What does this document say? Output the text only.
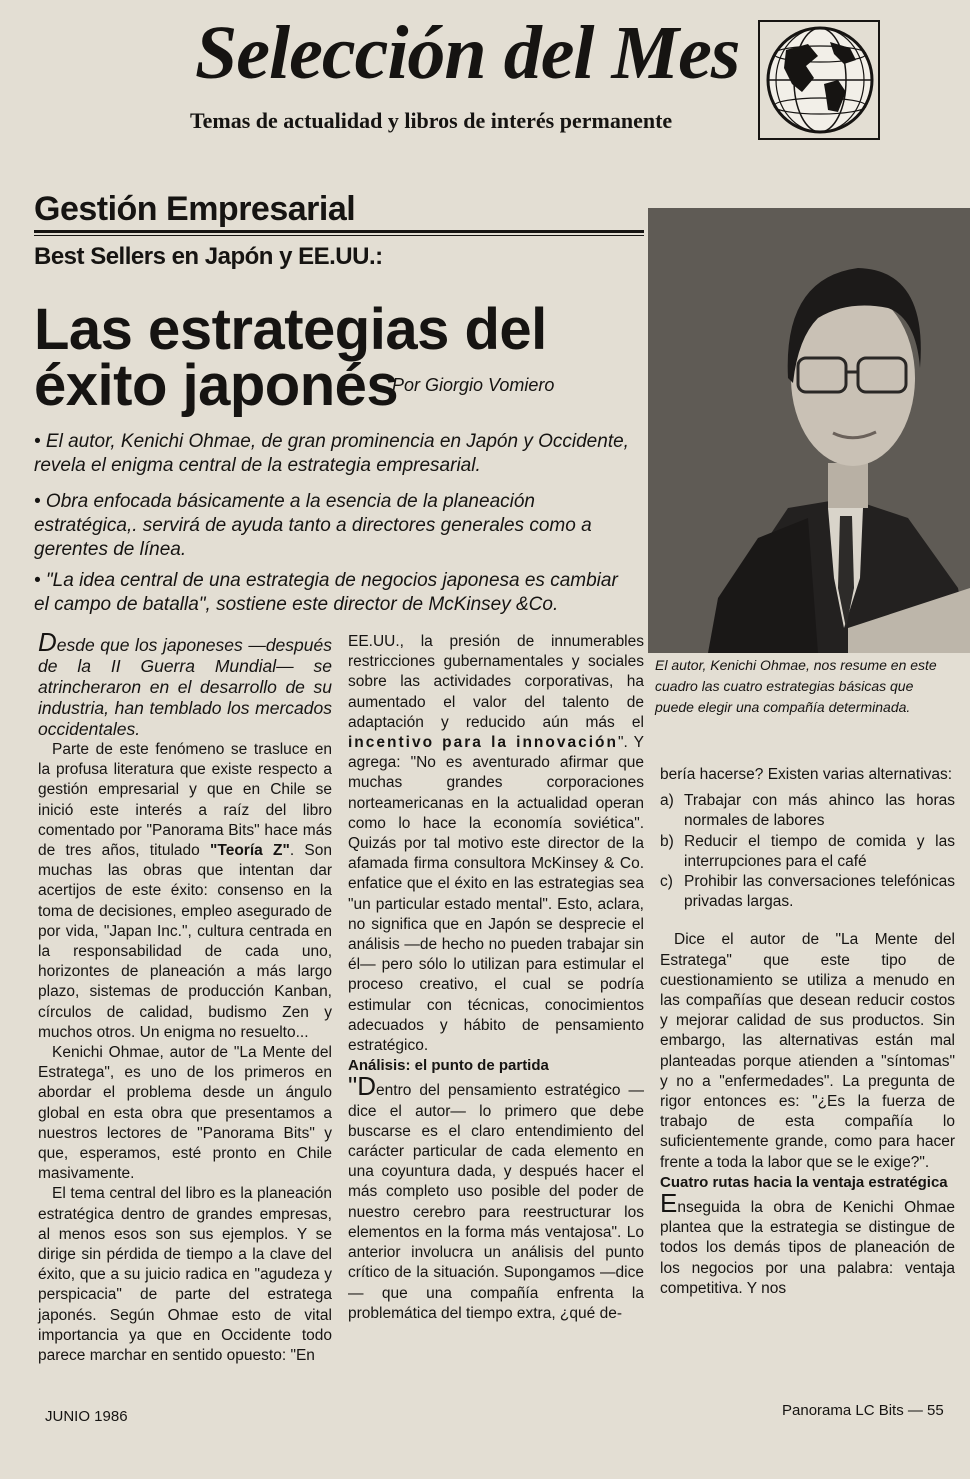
Selección del Mes
Temas de actualidad y libros de interés permanente
Gestión Empresarial
Best Sellers en Japón y EE.UU.:
Las estrategias del
éxito japonés
Por Giorgio Vomiero
• El autor, Kenichi Ohmae, de gran prominencia en Japón y Occidente, revela el enigma central de la estrategia empresarial.
• Obra enfocada básicamente a la esencia de la planeación estratégica,. servirá de ayuda tanto a directores generales como a gerentes de línea.
• "La idea central de una estrategia de negocios japonesa es cambiar el campo de batalla", sostiene este director de McKinsey &Co.
El autor, Kenichi Ohmae, nos resume en este cuadro las cuatro estrategias básicas que puede elegir una compañía determinada.

Desde que los japoneses —después de la II Guerra Mundial— se atrincheraron en el desarrollo de su industria, han temblado los mercados occidentales.

Parte de este fenómeno se trasluce en la profusa literatura que existe respecto a gestión empresarial y que en Chile se inició este interés a raíz del libro comentado por "Panorama Bits" hace más de tres años, titulado "Teoría Z". Son muchas las obras que intentan dar acertijos de este éxito: consenso en la toma de decisiones, empleo asegurado de por vida, "Japan Inc.", cultura centrada en la responsabilidad de cada uno, horizontes de planeación a más largo plazo, sistemas de producción Kanban, círculos de calidad, budismo Zen y muchos otros. Un enigma no resuelto...

Kenichi Ohmae, autor de "La Mente del Estratega", es uno de los primeros en abordar el problema desde un ángulo global en esta obra que presentamos a nuestros lectores de "Panorama Bits" y que, esperamos, esté pronto en Chile masivamente.

El tema central del libro es la planeación estratégica dentro de grandes empresas, al menos esos son sus ejemplos. Y se dirige sin pérdida de tiempo a la clave del éxito, que a su juicio radica en "agudeza y perspicacia" de parte del estratega japonés. Según Ohmae esto de vital importancia ya que en Occidente todo parece marchar en sentido opuesto: "En

EE.UU., la presión de innumerables restricciones gubernamentales y sociales sobre las actividades corporativas, ha aumentado el valor del talento de adaptación y reducido aún más el incentivo para la innovación". Y agrega: "No es aventurado afirmar que muchas grandes corporaciones norteamericanas en la actualidad operan como lo hace la economía soviética". Quizás por tal motivo este director de la afamada firma consultora McKinsey & Co. enfatice que el éxito en las estrategias sea "un particular estado mental". Esto, aclara, no significa que en Japón se desprecie el análisis —de hecho no pueden trabajar sin él— pero sólo lo utilizan para estimular el proceso creativo, el cual se podría estimular con técnicas, conocimientos adecuados y hábito de pensamiento estratégico.

Análisis: el punto de partida

"Dentro del pensamiento estratégico —dice el autor— lo primero que debe buscarse es el claro entendimiento del carácter particular de cada elemento en una coyuntura dada, y después hacer el más completo uso posible del poder de nuestro cerebro para reestructurar los elementos en la forma más ventajosa". Lo anterior involucra un análisis del punto crítico de la situación. Supongamos —dice— que una compañía enfrenta la problemática del tiempo extra, ¿qué de-

bería hacerse? Existen varias alternativas:

a) Trabajar con más ahinco las horas normales de labores
b) Reducir el tiempo de comida y las interrupciones para el café
c) Prohibir las conversaciones telefónicas privadas largas.

Dice el autor de "La Mente del Estratega" que este tipo de cuestionamiento se utiliza a menudo en las compañías que desean reducir costos y mejorar calidad de sus productos. Sin embargo, las alternativas están mal planteadas porque atienden a "síntomas" y no a "enfermedades". La pregunta de rigor entonces es: "¿Es la fuerza de trabajo de esta compañía lo suficientemente grande, como para hacer frente a toda la labor que se le exige?".

Cuatro rutas hacia la ventaja estratégica

Enseguida la obra de Kenichi Ohmae plantea que la estrategia se distingue de todos los demás tipos de planeación de los negocios por una palabra: ventaja competitiva. Y nos

JUNIO 1986	Panorama LC Bits — 55
